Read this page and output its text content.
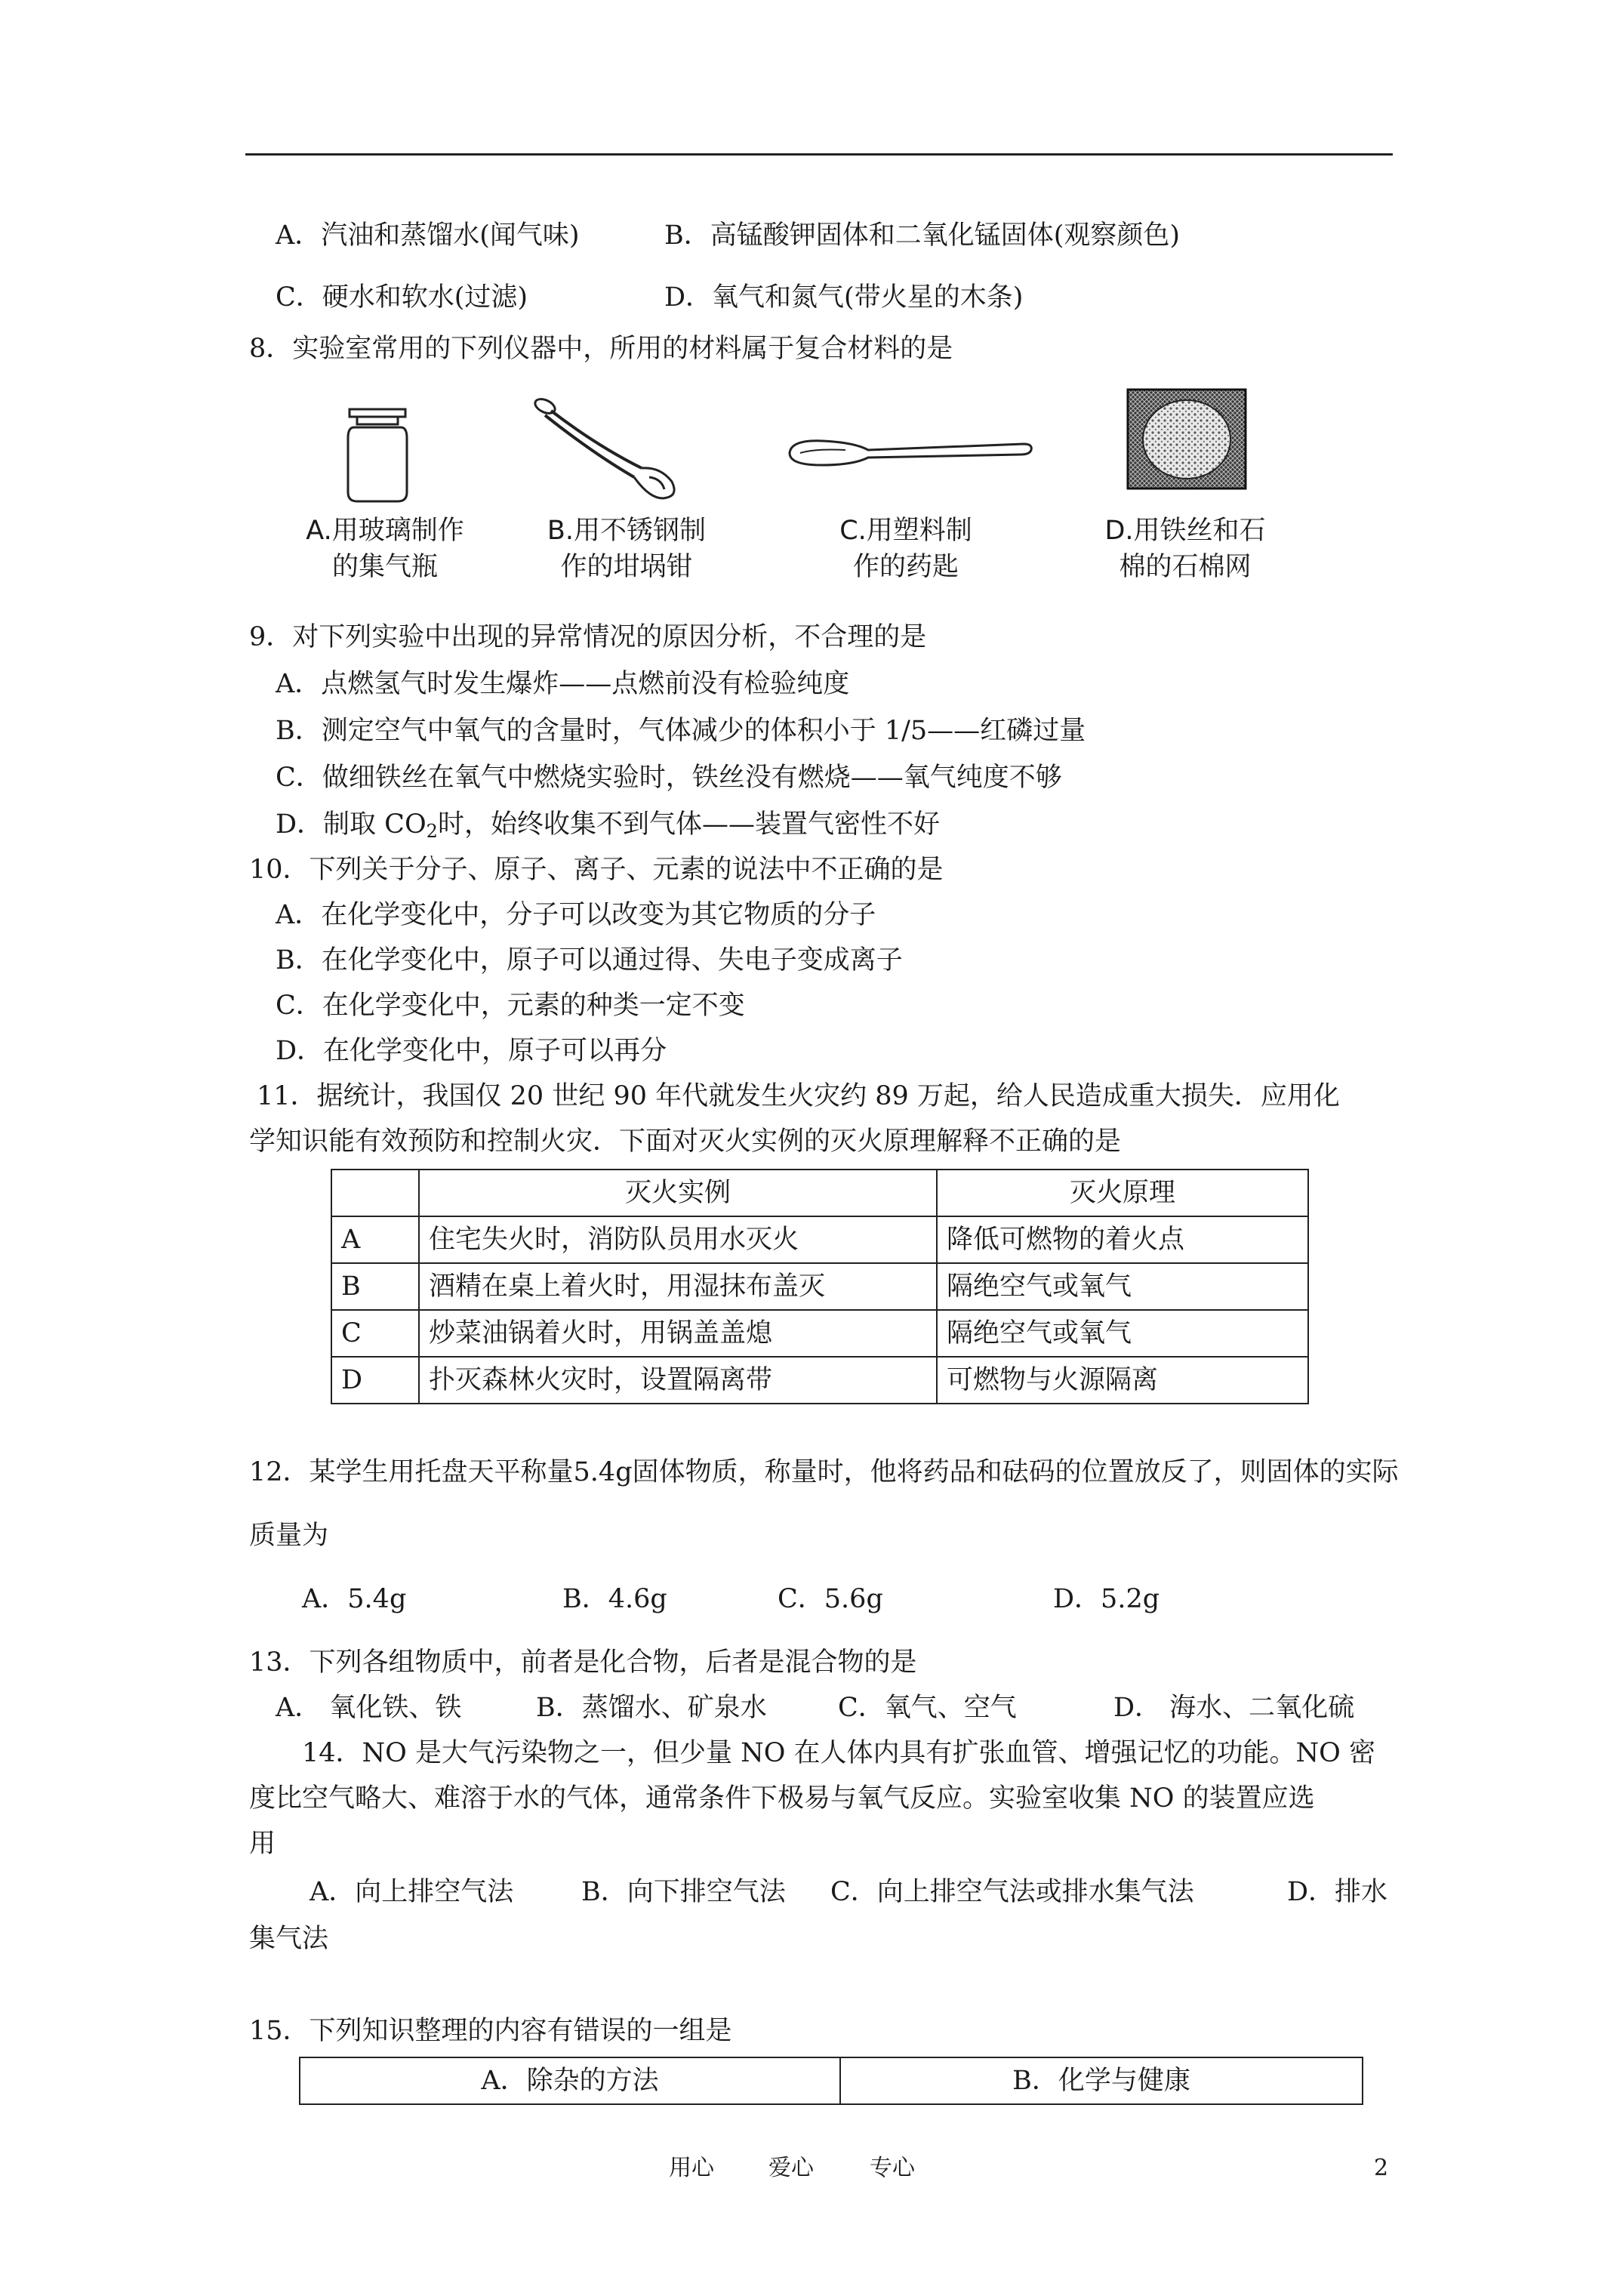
A．汽油和蒸馏水(闻气味)	B．高锰酸钾固体和二氧化锰固体(观察颜色)
C．硬水和软水(过滤)	D．氧气和氮气(带火星的木条)
8．实验室常用的下列仪器中，所用的材料属于复合材料的是
A.用玻璃制作
的集气瓶
B.用不锈钢制
作的坩埚钳
C.用塑料制
作的药匙
D.用铁丝和石
棉的石棉网
9．对下列实验中出现的异常情况的原因分析，不合理的是
A．点燃氢气时发生爆炸——点燃前没有检验纯度
B．测定空气中氧气的含量时，气体减少的体积小于 1/5——红磷过量
C．做细铁丝在氧气中燃烧实验时，铁丝没有燃烧——氧气纯度不够
D．制取 $CO_2$时，始终收集不到气体——装置气密性不好
10．下列关于分子、原子、离子、元素的说法中不正确的是
A．在化学变化中，分子可以改变为其它物质的分子
B．在化学变化中，原子可以通过得、失电子变成离子
C．在化学变化中，元素的种类一定不变
D．在化学变化中，原子可以再分
11．据统计，我国仅 20 世纪 90 年代就发生火灾约 89 万起，给人民造成重大损失．应用化
学知识能有效预防和控制火灾．下面对灭火实例的灭火原理解释不正确的是
	灭火实例	灭火原理
A	住宅失火时，消防队员用水灭火	降低可燃物的着火点
B	酒精在桌上着火时，用湿抹布盖灭	隔绝空气或氧气
C	炒菜油锅着火时，用锅盖盖熄	隔绝空气或氧气
D	扑灭森林火灾时，设置隔离带	可燃物与火源隔离
12．某学生用托盘天平称量5.4g固体物质，称量时，他将药品和砝码的位置放反了，则固体的实际
质量为
A．5.4g	B．4.6g	C．5.6g	D．5.2g
13．下列各组物质中，前者是化合物，后者是混合物的是
A． 氧化铁、铁	B．蒸馏水、矿泉水	C．氧气、空气	D． 海水、二氧化硫
14．NO 是大气污染物之一，但少量 NO 在人体内具有扩张血管、增强记忆的功能。NO 密
度比空气略大、难溶于水的气体，通常条件下极易与氧气反应。实验室收集 NO 的装置应选
用
A．向上排空气法	B．向下排空气法 C．向上排空气法或排水集气法	D．排水
集气法
15．下列知识整理的内容有错误的一组是
A．除杂的方法	B．化学与健康
用心 爱心 专心	2
